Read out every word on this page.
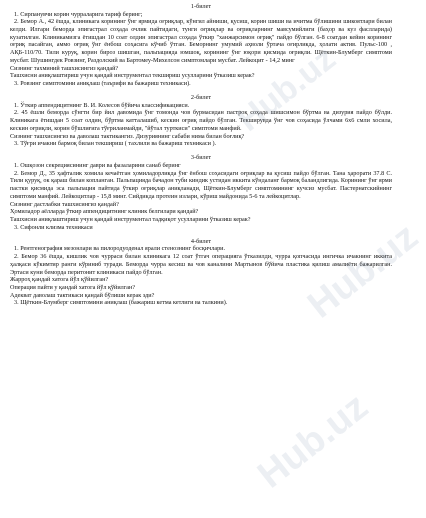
Hub.uz
Hub.uz
Hub.uz

1-билет

1. Сирпанувчи корин чурраларига тариф беринг;

2. Бемор А., 42 ёшда, клиникага корининг ўнг ярмида оғриқлар, кўнгил айниши, қусиш, корин шиши ва ичитма бўлишини шикоятлари билан келди. Илгари беморда эпигастрал соҳада очлик пайтидаги, тунги оғриқлар ва оғриқларнинг мавсумийлиги (баҳор ва куз фаслларида) кузатилган. Клиникамизга ётишдан 10 соат олдин эпигастрал соҳада ўткир "ханжарсимон оғриқ" пайдо бўлган. 6-8 соатдан кейин корининг оғриқ пасайган, аммо оғриқ ўнг ёнбош соҳасига кўчиб ўтган. Беморнинг умумий аҳволи ўртача оғирликда, ҳолати актив. Пульс-100 , АҚБ-110/70. Тили куруқ, корин бироз шишган, пальпацияда юмшоқ, корининг ўнг юқори қисмида оғриқли. Щёткин-Блумберг симптоми мусбат. Шушингдек Ровзинг, Раздолский ва Бартомеу-Михелсон симптомлари мусбат. Лейкоцит - 14,2 минг

Сизнинг тахминий ташхисингиз қандай?

Ташхисни аниқлаштириш учун қандай инструментал текшириш усулларини ўтказиш керак?

3. Ровзинг симптомини аниқлаш (таърифи ва бажариш техникаси).

2-билет

1. Ўткир аппендицитнинг В. И. Колесов бўйича классификацияси.

2. 45 ёшли беморда сўнгти бир йил давомида ўнг томонда чов бурмасидан пастроқ соҳада шишсимон бўртма ва дизурия пайдо бўлди. Клиникага ётишдан 5 соат олдин, бўртма катталашиб, кескин оғриқ пайдо бўлган. Текширувда ўнг чов соҳасида ўлчами 6х6 смли хосила, кескин оғриқли, корин бўшлиғига тўғриланмайди, "йўтал турткиси" симптоми манфий.

Сизнинг ташхисингиз ва даволаш тактикангиз. Дизуриянинг сабаби нима билан боғлиқ?

3. Тўғри ичакни бармоқ билан текшириш ( тахлили ва бажариш техникаси ).

3-билет

1. Ошқозон секрециясининг даври ва фазаларини санаб беринг

2. Бемор Д., 35 ҳафталик хомила кечаётган ҳомиладорликда ўнг ёнбош соҳасидаги оғриқлар ва қусиш пайдо бўлган. Тана ҳарорати 37.8 С. Тили қуруқ, ок қараш билан копланган. Пальпацияда бачадон туби киндик устидан иккита кўндаланг бармоқ баландлигида. Корининг ўнг ярми пастки қисмида эса пальпация пайтида ўткир оғриқлар аниқланади, Щёткин-Блумберг симптомининг кучсиз мусбат. Пастернатскийнинг симптоми манфий. Лейкоцитлар - 15,8 минг. Сийдикда протеин излари, кўриш майдонида 5-6 та лейкоцитлар.

Сизнинг дастлабки ташхисингиз қандай?

Ҳомиладор аёлларда ўткир аппендицитнинг клиник белгилари қандай?

Ташхисни аниқлаштириш учун қандай инструментал тадқиқот усулларини ўтказиш керак?

3. Сифонли клизма техникаси

4-билет

1. Рентгенография мезонлари ва пилородуоденал ярали стенознинг босқичлари.

2. Бемор 36 ёшда, кишлик чов чурраси билан клиникага 12 соат ўтгач операцияга ўтказилди, чурра қопчасида ингичка ичакнинг иккита ҳалқаси кўкимтир ранги кўриниб туради. Беморда чурра кесиш ва чов каналини Мартынов бўйича пластика қилиш амалиёти бажарилган. Эртаси куни беморда перитонит клиникаси пайдо бўлган.

Жарроҳ қандай хатога йўл қўйилган?

Операция пайти у қандай хатога йўл қўйилган?

Адекват даволаш тактикаси қандай бўлиши керак эди?

3. Щёткин-Блумберг симптомини аниқлаш (бажариш кетма кетлиги ва талкини).
